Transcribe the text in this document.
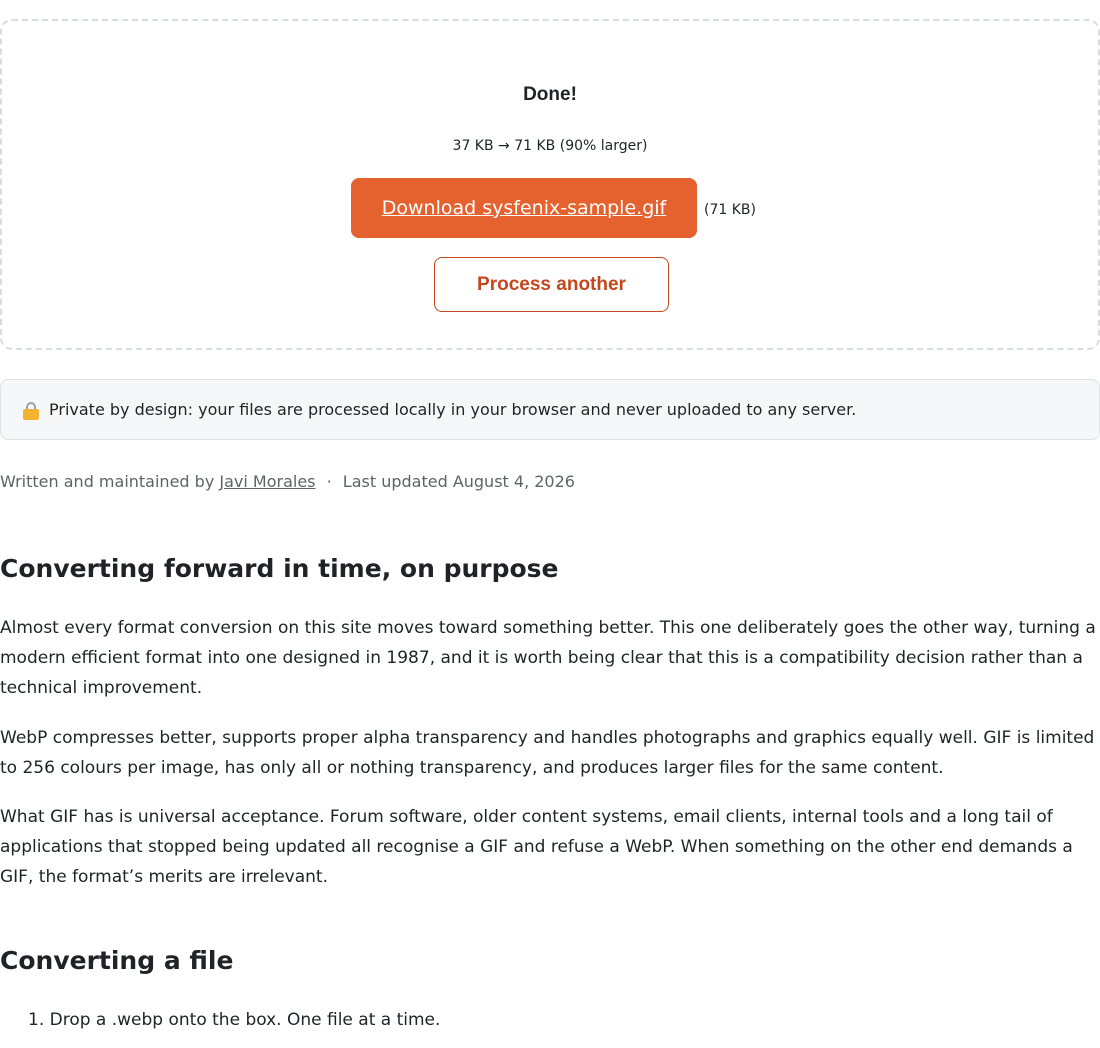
Done!
37 KB → 71 KB (90% larger)
Download sysfenix-sample.gif	(71 KB)
Process another
Private by design: your files are processed locally in your browser and never uploaded to any server.
Written and maintained by Javi Morales · Last updated August 4, 2026
Converting forward in time, on purpose

Almost every format conversion on this site moves toward something better. This one deliberately goes the other way, turning a modern efficient format into one designed in 1987, and it is worth being clear that this is a compatibility decision rather than a technical improvement.

WebP compresses better, supports proper alpha transparency and handles photographs and graphics equally well. GIF is limited to 256 colours per image, has only all or nothing transparency, and produces larger files for the same content.

What GIF has is universal acceptance. Forum software, older content systems, email clients, internal tools and a long tail of applications that stopped being updated all recognise a GIF and refuse a WebP. When something on the other end demands a GIF, the format’s merits are irrelevant.

Converting a file
1. Drop a .webp onto the box. One file at a time.
